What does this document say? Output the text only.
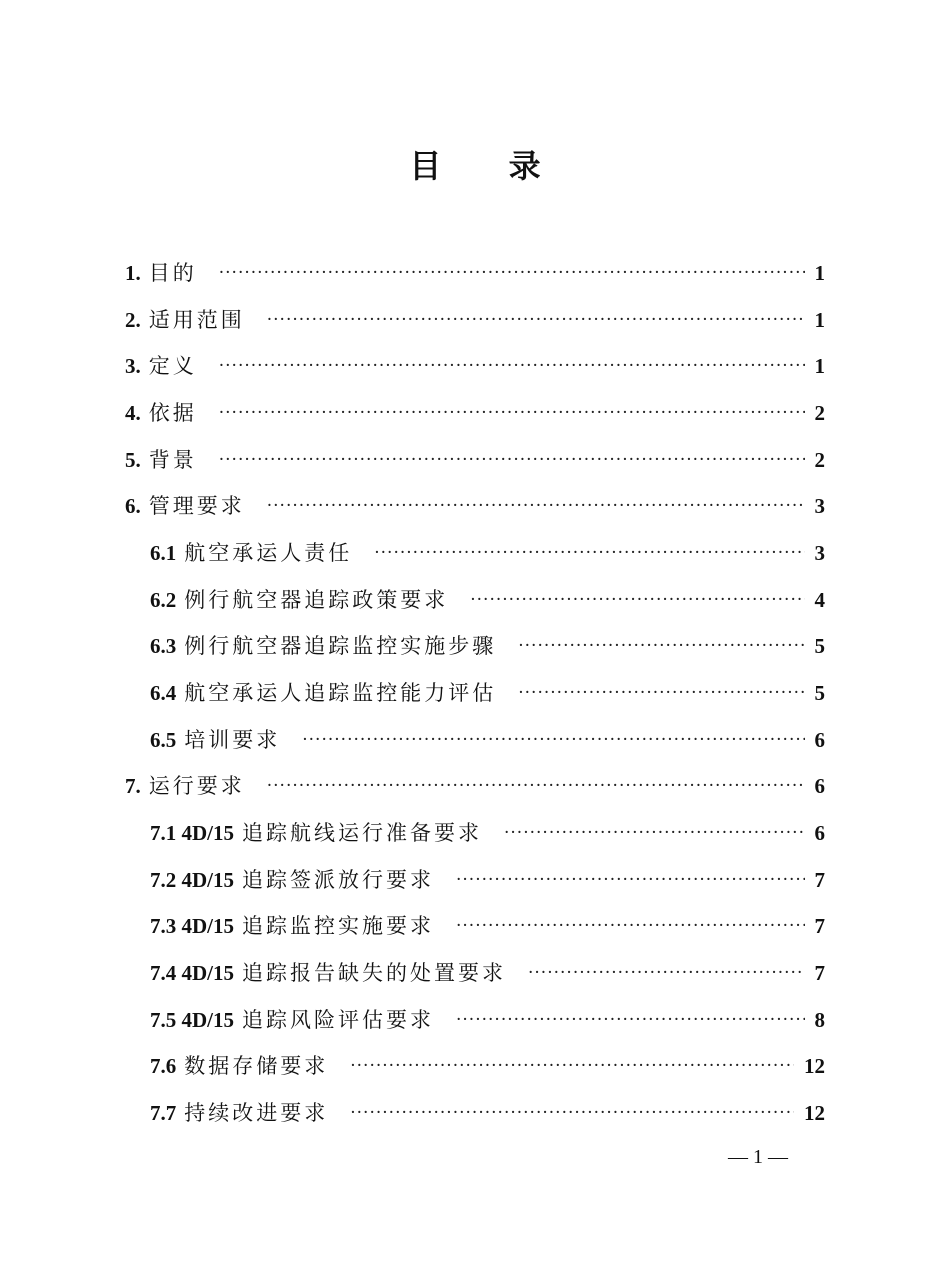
目 录
1. 目的 ·····	1
2. 适用范围 ·····	1
3. 定义 ·····	1
4. 依据 ·····	2
5. 背景 ·····	2
6. 管理要求 ·····	3
6.1 航空承运人责任 ·····	3
6.2 例行航空器追踪政策要求 ·····	4
6.3 例行航空器追踪监控实施步骤 ·····	5
6.4 航空承运人追踪监控能力评估 ·····	5
6.5 培训要求 ·····	6
7. 运行要求 ·····	6
7.1 4D/15 追踪航线运行准备要求 ·····	6
7.2 4D/15 追踪签派放行要求 ·····	7
7.3 4D/15 追踪监控实施要求 ·····	7
7.4 4D/15 追踪报告缺失的处置要求 ·····	7
7.5 4D/15 追踪风险评估要求 ·····	8
7.6 数据存储要求 ·····	12
7.7 持续改进要求 ·····	12
— 1 —
